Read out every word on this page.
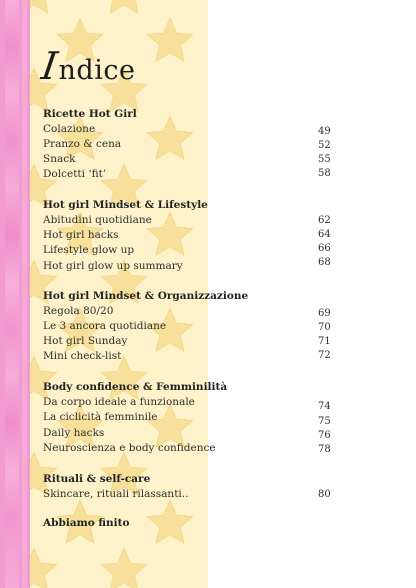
Indice
Ricette Hot Girl
Colazione	49
Pranzo & cena	52
Snack	55
Dolcetti ‘fit’	58
Hot girl Mindset & Lifestyle
Abitudini quotidiane	62
Hot girl hacks	64
Lifestyle glow up	66
Hot girl glow up summary	68
Hot girl Mindset & Organizzazione
Regola 80/20	69
Le 3 ancora quotidiane	70
Hot girl Sunday	71
Mini check-list	72
Body confidence & Femminilità
Da corpo ideale a funzionale	74
La ciclicità femminile	75
Daily hacks	76
Neuroscienza e body confidence	78
Rituali & self-care
Skincare, rituali rilassanti..	80
Abbiamo finito
